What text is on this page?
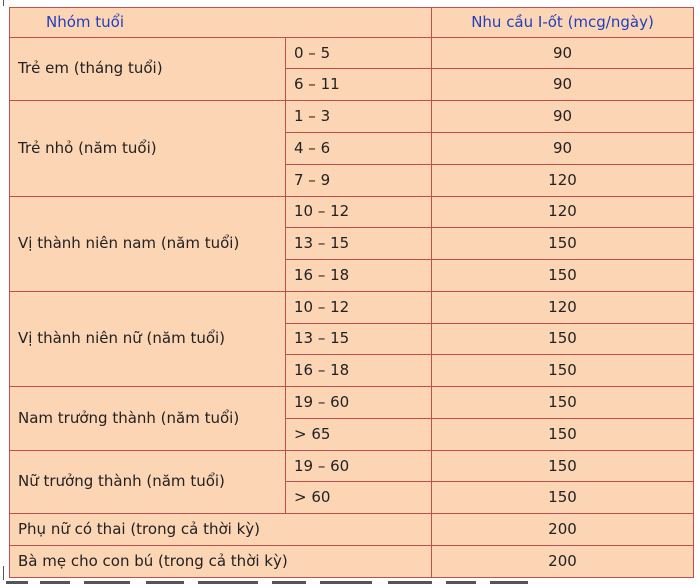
Nhóm tuổi		Nhu cầu I-ốt (mcg/ngày)
Trẻ em (tháng tuổi)	0 – 5	90
	6 – 11	90
Trẻ nhỏ (năm tuổi)	1 – 3	90
	4 – 6	90
	7 – 9	120
Vị thành niên nam (năm tuổi)	10 – 12	120
	13 – 15	150
	16 – 18	150
Vị thành niên nữ (năm tuổi)	10 – 12	120
	13 – 15	150
	16 – 18	150
Nam trưởng thành (năm tuổi)	19 – 60	150
	> 65	150
Nữ trưởng thành (năm tuổi)	19 – 60	150
	> 60	150
Phụ nữ có thai (trong cả thời kỳ)		200
Bà mẹ cho con bú (trong cả thời kỳ)		200
